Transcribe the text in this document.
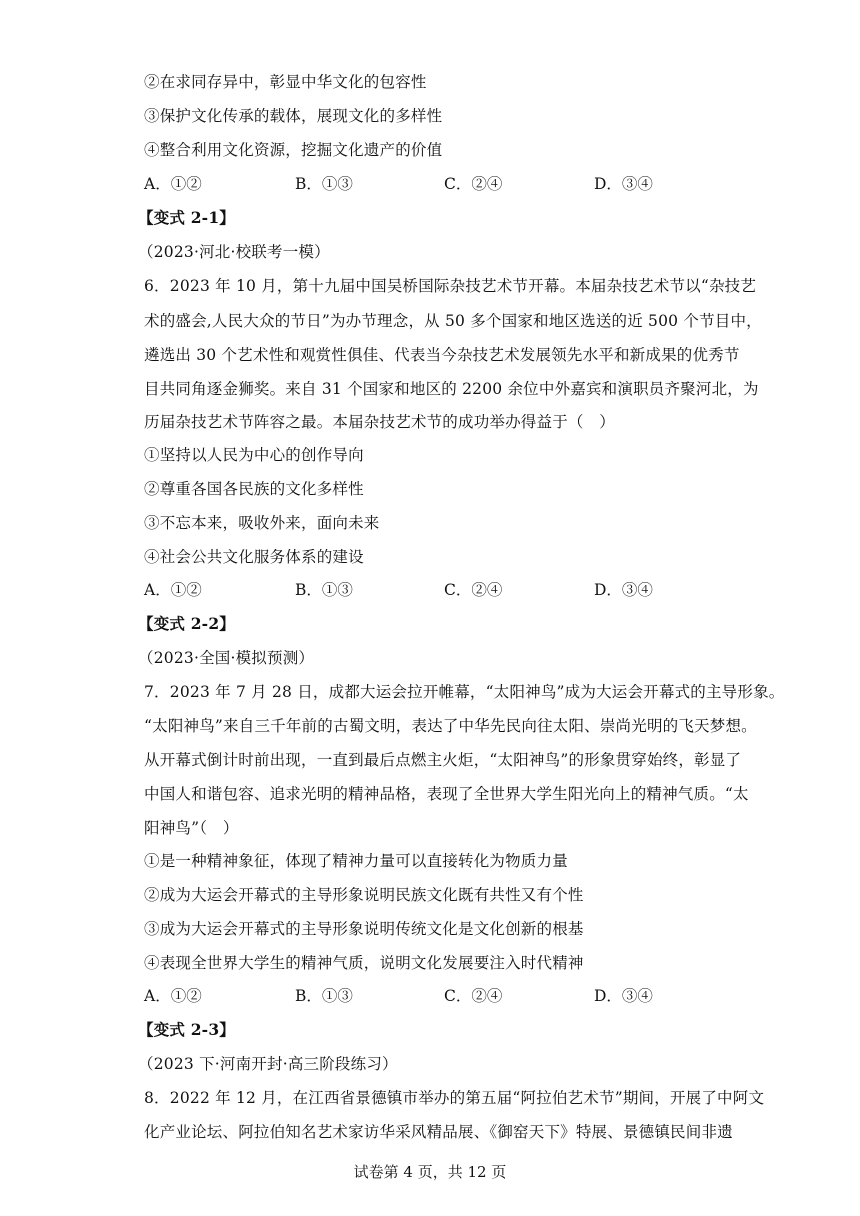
②在求同存异中，彰显中华文化的包容性
③保护文化传承的载体，展现文化的多样性
④整合利用文化资源，挖掘文化遗产的价值
A．①②	B．①③	C．②④	D．③④
【变式 2-1】
（2023·河北·校联考一模）
6．2023 年 10 月，第十九届中国吴桥国际杂技艺术节开幕。本届杂技艺术节以“杂技艺
术的盛会,人民大众的节日”为办节理念，从 50 多个国家和地区选送的近 500 个节目中，
遴选出 30 个艺术性和观赏性俱佳、代表当今杂技艺术发展领先水平和新成果的优秀节
目共同角逐金狮奖。来自 31 个国家和地区的 2200 余位中外嘉宾和演职员齐聚河北，为
历届杂技艺术节阵容之最。本届杂技艺术节的成功举办得益于（　）
①坚持以人民为中心的创作导向
②尊重各国各民族的文化多样性
③不忘本来，吸收外来，面向未来
④社会公共文化服务体系的建设
A．①②	B．①③	C．②④	D．③④
【变式 2-2】
（2023·全国·模拟预测）
7．2023 年 7 月 28 日，成都大运会拉开帷幕，“太阳神鸟”成为大运会开幕式的主导形象。
“太阳神鸟”来自三千年前的古蜀文明，表达了中华先民向往太阳、崇尚光明的飞天梦想。
从开幕式倒计时前出现，一直到最后点燃主火炬，“太阳神鸟”的形象贯穿始终，彰显了
中国人和谐包容、追求光明的精神品格，表现了全世界大学生阳光向上的精神气质。“太
阳神鸟”（　）
①是一种精神象征，体现了精神力量可以直接转化为物质力量
②成为大运会开幕式的主导形象说明民族文化既有共性又有个性
③成为大运会开幕式的主导形象说明传统文化是文化创新的根基
④表现全世界大学生的精神气质，说明文化发展要注入时代精神
A．①②	B．①③	C．②④	D．③④
【变式 2-3】
（2023 下·河南开封·高三阶段练习）
8．2022 年 12 月，在江西省景德镇市举办的第五届“阿拉伯艺术节”期间，开展了中阿文
化产业论坛、阿拉伯知名艺术家访华采风精品展、《御窑天下》特展、景德镇民间非遗
试卷第 4 页，共 12 页
